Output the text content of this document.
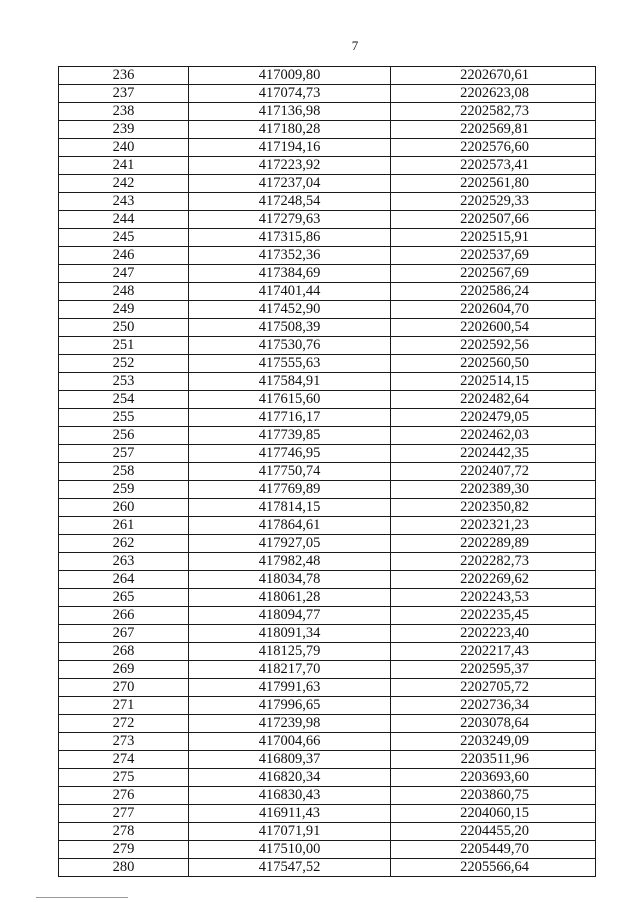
7
236	417009,80	2202670,61
237	417074,73	2202623,08
238	417136,98	2202582,73
239	417180,28	2202569,81
240	417194,16	2202576,60
241	417223,92	2202573,41
242	417237,04	2202561,80
243	417248,54	2202529,33
244	417279,63	2202507,66
245	417315,86	2202515,91
246	417352,36	2202537,69
247	417384,69	2202567,69
248	417401,44	2202586,24
249	417452,90	2202604,70
250	417508,39	2202600,54
251	417530,76	2202592,56
252	417555,63	2202560,50
253	417584,91	2202514,15
254	417615,60	2202482,64
255	417716,17	2202479,05
256	417739,85	2202462,03
257	417746,95	2202442,35
258	417750,74	2202407,72
259	417769,89	2202389,30
260	417814,15	2202350,82
261	417864,61	2202321,23
262	417927,05	2202289,89
263	417982,48	2202282,73
264	418034,78	2202269,62
265	418061,28	2202243,53
266	418094,77	2202235,45
267	418091,34	2202223,40
268	418125,79	2202217,43
269	418217,70	2202595,37
270	417991,63	2202705,72
271	417996,65	2202736,34
272	417239,98	2203078,64
273	417004,66	2203249,09
274	416809,37	2203511,96
275	416820,34	2203693,60
276	416830,43	2203860,75
277	416911,43	2204060,15
278	417071,91	2204455,20
279	417510,00	2205449,70
280	417547,52	2205566,64
